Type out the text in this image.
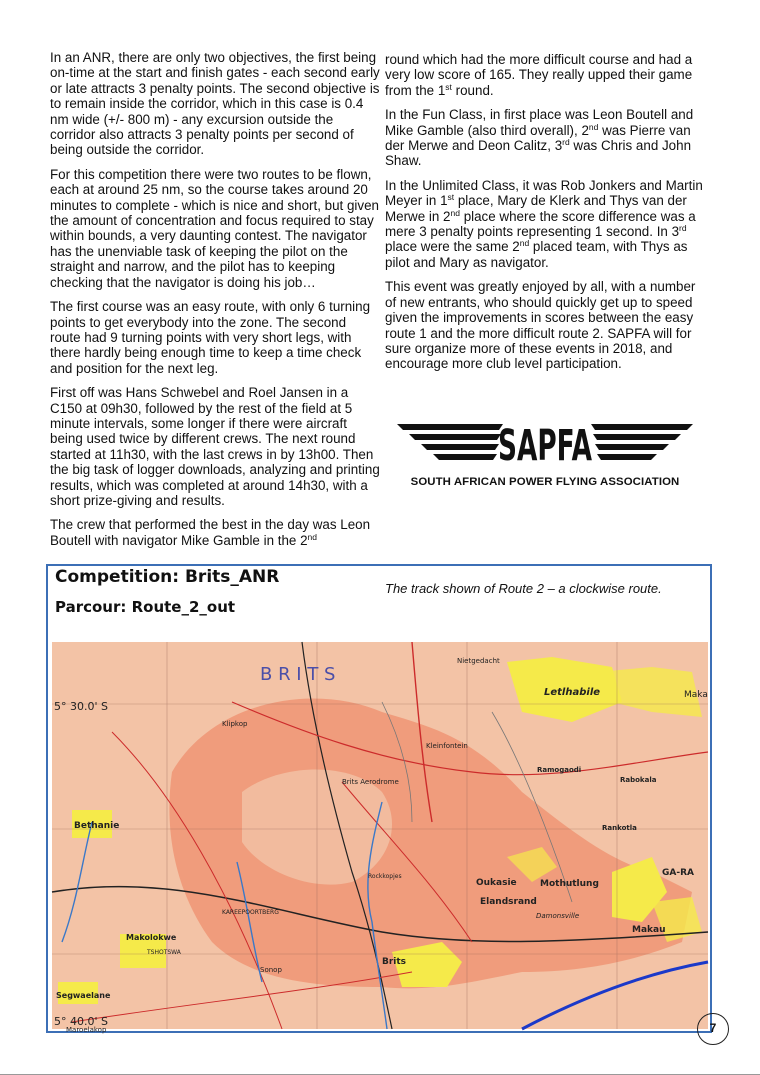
In an ANR, there are only two objectives, the first being on-time at the start and finish gates - each second early or late attracts 3 penalty points. The second objective is to remain inside the corridor, which in this case is 0.4 nm wide (+/- 800 m) - any excursion outside the corridor also attracts 3 penalty points per second of being outside the corridor.

For this competition there were two routes to be flown, each at around 25 nm, so the course takes around 20 minutes to complete - which is nice and short, but given the amount of concentration and focus required to stay within bounds, a very daunting contest. The navigator has the unenviable task of keeping the pilot on the straight and narrow, and the pilot has to keeping checking that the navigator is doing his job…

The first course was an easy route, with only 6 turning points to get everybody into the zone. The second route had 9 turning points with very short legs, with there hardly being enough time to keep a time check and position for the next leg.

First off was Hans Schwebel and Roel Jansen in a C150 at 09h30, followed by the rest of the field at 5 minute intervals, some longer if there were aircraft being used twice by different crews. The next round started at 11h30, with the last crews in by 13h00. Then the big task of logger downloads, analyzing and printing results, which was completed at around 14h30, with a short prize-giving and results.

The crew that performed the best in the day was Leon Boutell with navigator Mike Gamble in the 2nd

round which had the more difficult course and had a very low score of 165. They really upped their game from the 1st round.

In the Fun Class, in first place was Leon Boutell and Mike Gamble (also third overall), 2nd was Pierre van der Merwe and Deon Calitz, 3rd was Chris and John Shaw.

In the Unlimited Class, it was Rob Jonkers and Martin Meyer in 1st place, Mary de Klerk and Thys van der Merwe in 2nd place where the score difference was a mere 3 penalty points representing 1 second. In 3rd place were the same 2nd placed team, with Thys as pilot and Mary as navigator.

This event was greatly enjoyed by all, with a number of new entrants, who should quickly get up to speed given the improvements in scores between the easy route 1 and the more difficult route 2. SAPFA will for sure organize more of these events in 2018, and encourage more club level participation.

SAPFA
SOUTH AFRICAN POWER FLYING ASSOCIATION
Competition: Brits_ANR
Parcour: Route_2_out
The track shown of Route 2 – a clockwise route.
B R I T S
5° 30.0' S
5° 40.0' S
Letlhabile
Bethanie
Makolokwe
TSHOTSWA
Segwaelane
Brits
Rabokala
Ramogaodi
Rankotla
Mothutlung
Oukasie
Elandsrand
Makau
GA-RA
Maka
Klipkop
Nietgedacht
Kleinfontein
Brits Aerodrome
Maroelakop
Sonop
KAREEPOORTBERG	Damonsville
Rockkopjes
7
